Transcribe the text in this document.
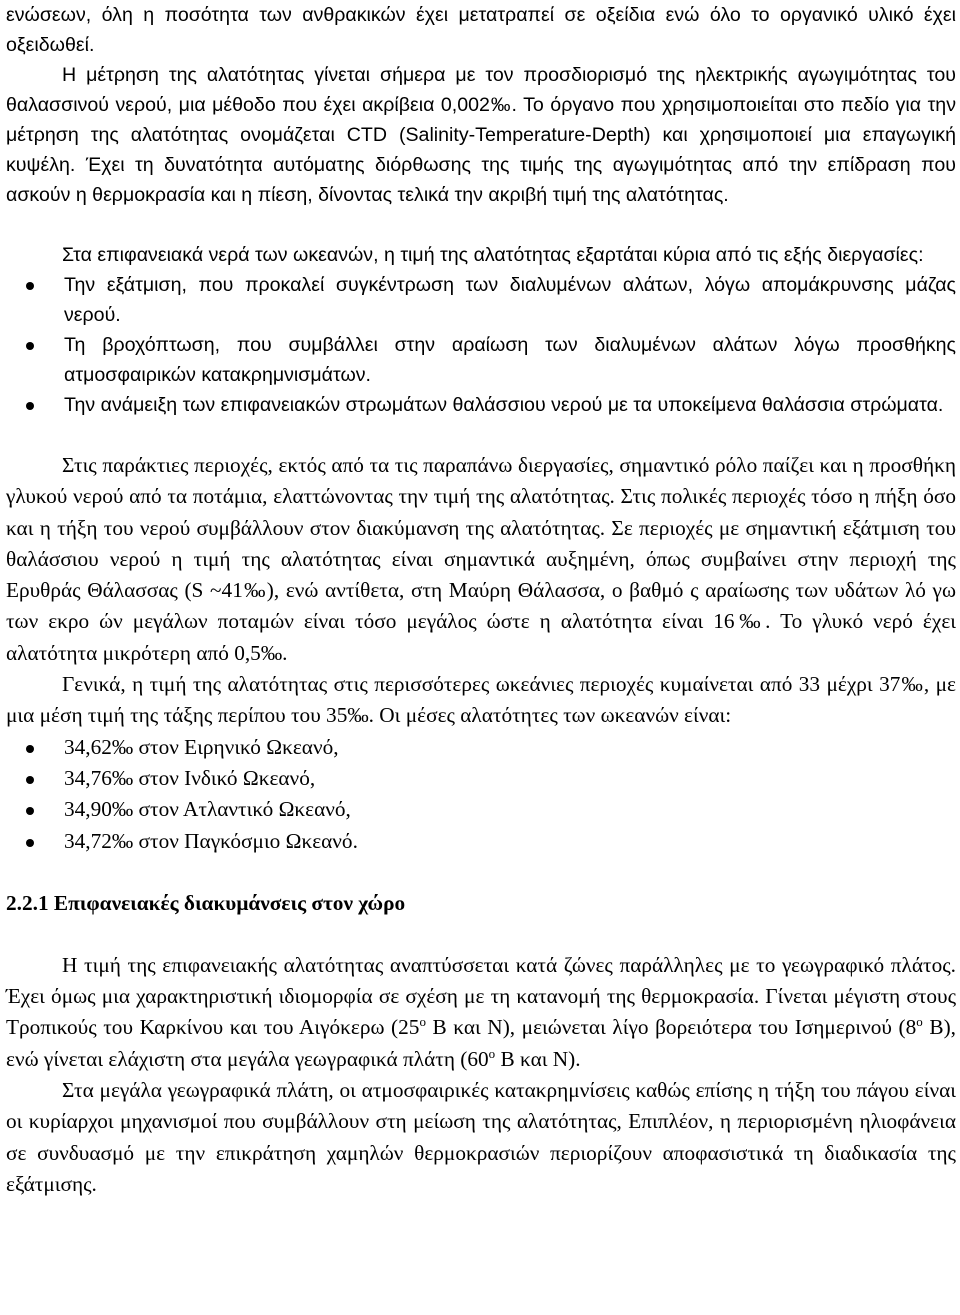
ενώσεων, όλη η ποσότητα των ανθρακικών έχει μετατραπεί σε οξείδια ενώ όλο το οργανικό υλικό έχει οξειδωθεί.

Η μέτρηση της αλατότητας γίνεται σήμερα με τον προσδιορισμό της ηλεκτρικής αγωγιμότητας του θαλασσινού νερού, μια μέθοδο που έχει ακρίβεια 0,002‰. Το όργανο που χρησιμοποιείται στο πεδίο για την μέτρηση της αλατότητας ονομάζεται CTD (Salinity-Temperature-Depth) και χρησιμοποιεί μια επαγωγική κυψέλη. Έχει τη δυνατότητα αυτόματης διόρθωσης της τιμής της αγωγιμότητας από την επίδραση που ασκούν η θερμοκρασία και η πίεση, δίνοντας τελικά την ακριβή τιμή της αλατότητας.

Στα επιφανειακά νερά των ωκεανών, η τιμή της αλατότητας εξαρτάται κύρια από τις εξής διεργασίες:

Την εξάτμιση, που προκαλεί συγκέντρωση των διαλυμένων αλάτων, λόγω απομάκρυνσης μάζας νερού.
Τη βροχόπτωση, που συμβάλλει στην αραίωση των διαλυμένων αλάτων λόγω προσθήκης ατμοσφαιρικών κατακρημνισμάτων.
Την ανάμειξη των επιφανειακών στρωμάτων θαλάσσιου νερού με τα υποκείμενα θαλάσσια στρώματα.

Στις παράκτιες περιοχές, εκτός από τα τις παραπάνω διεργασίες, σημαντικό ρόλο παίζει και η προσθήκη γλυκού νερού από τα ποτάμια, ελαττώνοντας την τιμή της αλατότητας. Στις πολικές περιοχές τόσο η πήξη όσο και η τήξη του νερού συμβάλλουν στον διακύμανση της αλατότητας. Σε περιοχές με σημαντική εξάτμιση του θαλάσσιου νερού η τιμή της αλατότητας είναι σημαντικά αυξημένη, όπως συμβαίνει στην περιοχή της Ερυθράς Θάλασσας (S ~41‰), ενώ αντίθετα, στη Μαύρη Θάλασσα, ο βαθμό ς αραίωσης των υδάτων λό γω των εκρο ών μεγάλων ποταμών είναι τόσο μεγάλος ώστε η αλατότητα είναι 16‰. Το γλυκό νερό έχει αλατότητα μικρότερη από 0,5‰.

Γενικά, η τιμή της αλατότητας στις περισσότερες ωκεάνιες περιοχές κυμαίνεται από 33 μέχρι 37‰, με μια μέση τιμή της τάξης περίπου του 35‰. Οι μέσες αλατότητες των ωκεανών είναι:

34,62‰ στον Ειρηνικό Ωκεανό,
34,76‰ στον Ινδικό Ωκεανό,
34,90‰ στον Ατλαντικό Ωκεανό,
34,72‰ στον Παγκόσμιο Ωκεανό.
2.2.1 Επιφανειακές διακυμάνσεις στον χώρο

Η τιμή της επιφανειακής αλατότητας αναπτύσσεται κατά ζώνες παράλληλες με το γεωγραφικό πλάτος. Έχει όμως μια χαρακτηριστική ιδιομορφία σε σχέση με τη κατανομή της θερμοκρασία. Γίνεται μέγιστη στους Τροπικούς του Καρκίνου και του Αιγόκερω ($25^o$ Β και Ν), μειώνεται λίγο βορειότερα του Ισημερινού ($8^o$ Β), ενώ γίνεται ελάχιστη στα μεγάλα γεωγραφικά πλάτη ($60^o$ Β και Ν).

Στα μεγάλα γεωγραφικά πλάτη, οι ατμοσφαιρικές κατακρημνίσεις καθώς επίσης η τήξη του πάγου είναι οι κυρίαρχοι μηχανισμοί που συμβάλλουν στη μείωση της αλατότητας, Επιπλέον, η περιορισμένη ηλιοφάνεια σε συνδυασμό με την επικράτηση χαμηλών θερμοκρασιών περιορίζουν αποφασιστικά τη διαδικασία της εξάτμισης.
